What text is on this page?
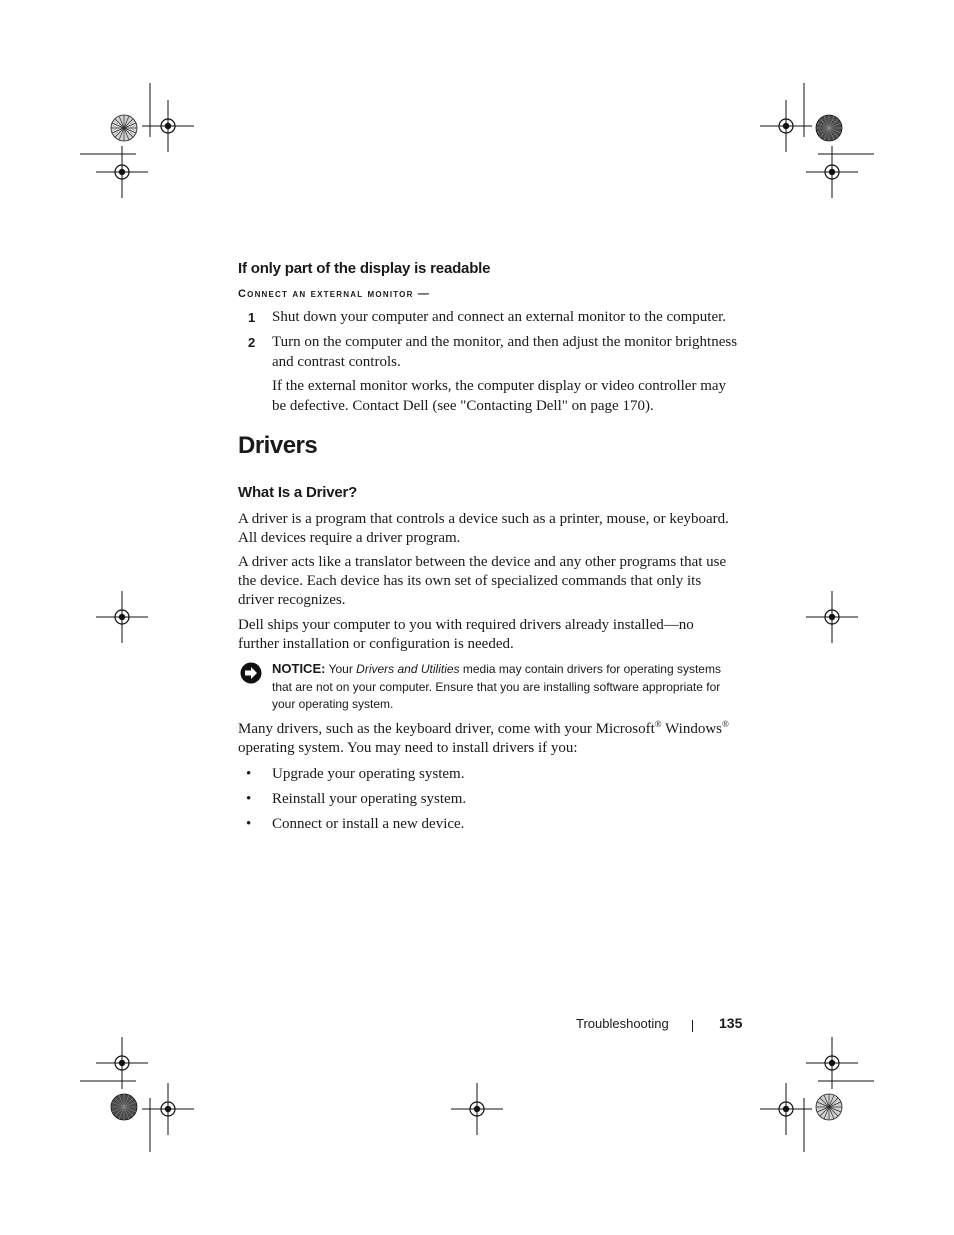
If only part of the display is readable
Connect an external monitor —
1 Shut down your computer and connect an external monitor to the computer.
2 Turn on the computer and the monitor, and then adjust the monitor brightness and contrast controls.
If the external monitor works, the computer display or video controller may be defective. Contact Dell (see "Contacting Dell" on page 170).
Drivers
What Is a Driver?

A driver is a program that controls a device such as a printer, mouse, or keyboard. All devices require a driver program.

A driver acts like a translator between the device and any other programs that use the device. Each device has its own set of specialized commands that only its driver recognizes.

Dell ships your computer to you with required drivers already installed—no further installation or configuration is needed.

NOTICE: Your Drivers and Utilities media may contain drivers for operating systems that are not on your computer. Ensure that you are installing software appropriate for your operating system.

Many drivers, such as the keyboard driver, come with your Microsoft® Windows® operating system. You may need to install drivers if you:

• Upgrade your operating system.
• Reinstall your operating system.
• Connect or install a new device.
Troubleshooting	135
